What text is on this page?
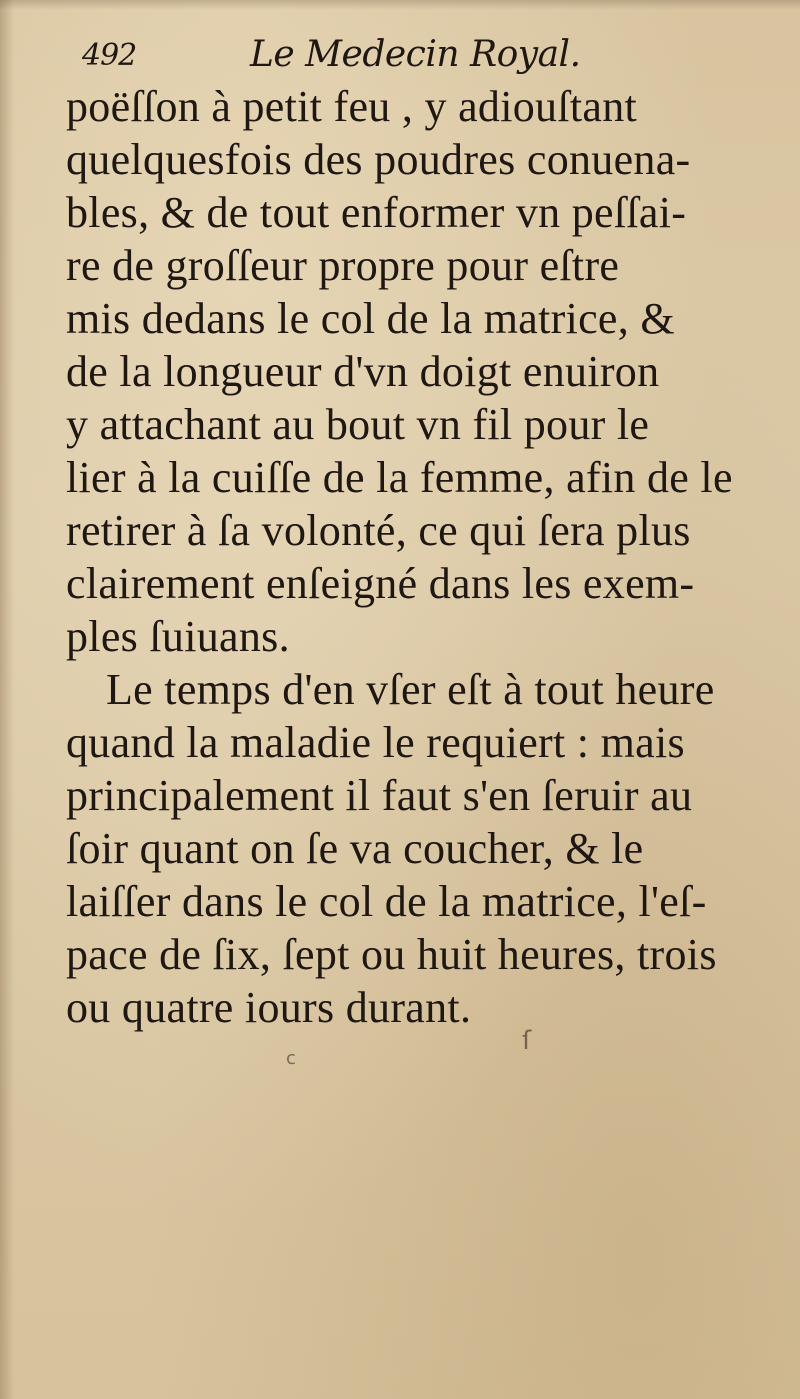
492	Le Medecin Royal.
poëſſon à petit feu , y adiouſtant
quelquesfois des poudres conuena-
bles, & de tout enformer vn peſſai-
re de groſſeur propre pour eſtre
mis dedans le col de la matrice, &
de la longueur d'vn doigt enuiron
y attachant au bout vn fil pour le
lier à la cuiſſe de la femme, afin de le
retirer à ſa volonté, ce qui ſera plus
clairement enſeigné dans les exem-
ples ſuiuans.
Le temps d'en vſer eſt à tout heure
quand la maladie le requiert : mais
principalement il faut s'en ſeruir au
ſoir quant on ſe va coucher, & le
laiſſer dans le col de la matrice, l'eſ-
pace de ſix, ſept ou huit heures, trois
ou quatre iours durant.
ⅽ
ſ
